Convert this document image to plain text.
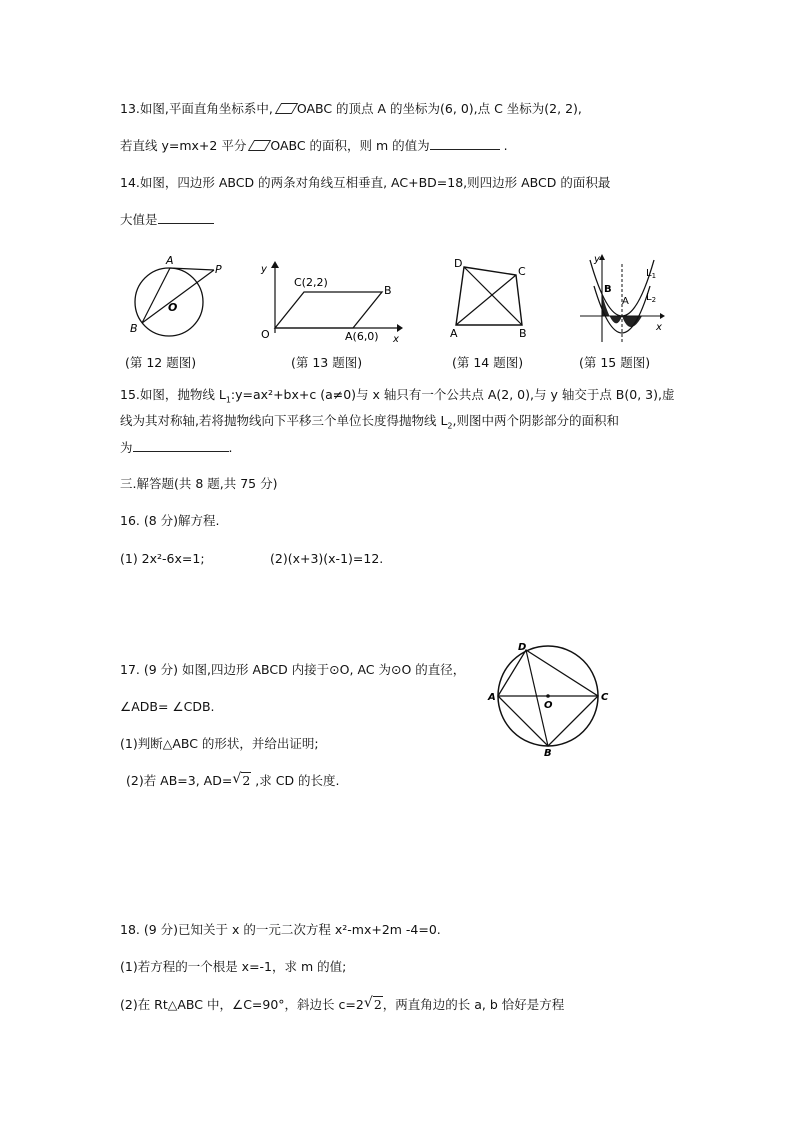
13.如图,平面直角坐标系中, OABC 的顶点 A 的坐标为(6, 0),点 C 坐标为(2, 2),
若直线 y=mx+2 平分 OABC 的面积，则 m 的值为	.
14.如图，四边形 ABCD 的两条对角线互相垂直, AC+BD=18,则四边形 ABCD 的面积最
大值是
A
P
O
B
(第 12 题图)
y
x
O
C(2,2)
B
A(6,0)
(第 13 题图)
D
C
A	B
(第 14 题图)
y
x
B
A
$L_1$
$L_2$
(第 15 题图)
15.如图，抛物线 $L_1:y=ax^2+bx+c$ (a≠0)与 x 轴只有一个公共点 A(2, 0),与 y 轴交于点 B(0, 3),虚
线为其对称轴,若将抛物线向下平移三个单位长度得抛物线 $L_2$,则图中两个阴影部分的面积和
为	.
三.解答题(共 8 题,共 75 分)
16. (8 分)解方程.
(1) 2x²-6x=1;	(2)(x+3)(x-1)=12.
17. (9 分) 如图,四边形 ABCD 内接于⊙O, AC 为⊙O 的直径，
∠ADB= ∠CDB.
(1)判断△ABC 的形状，并给出证明;
(2)若 AB=3, AD= √ 2 ,求 CD 的长度.
D
A
O
C
B
18. (9 分)已知关于 x 的一元二次方程 x²-mx+2m -4=0.
(1)若方程的一个根是 x=-1，求 m 的值;
(2)在 Rt△ABC 中，∠C=90°，斜边长 c=2 √ 2，两直角边的长 a, b 恰好是方程
